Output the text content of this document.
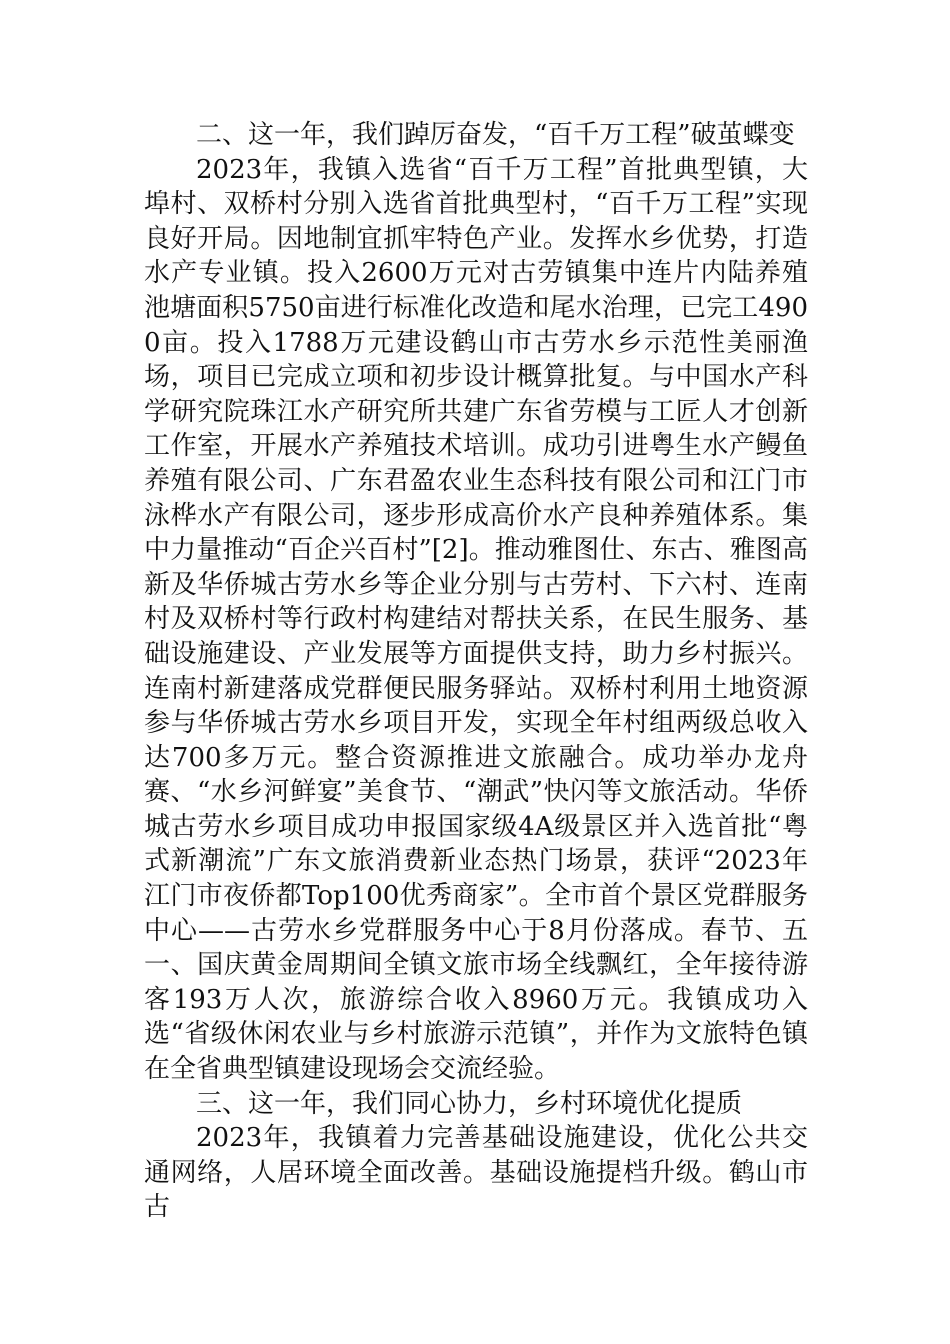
二、这一年，我们踔厉奋发，“百千万工程”破茧蝶变

2023年，我镇入选省“百千万工程”首批典型镇，大埠村、双桥村分别入选省首批典型村，“百千万工程”实现良好开局。因地制宜抓牢特色产业。发挥水乡优势，打造水产专业镇。投入2600万元对古劳镇集中连片内陆养殖池塘面积5750亩进行标准化改造和尾水治理，已完工4900亩。投入1788万元建设鹤山市古劳水乡示范性美丽渔场，项目已完成立项和初步设计概算批复。与中国水产科学研究院珠江水产研究所共建广东省劳模与工匠人才创新工作室，开展水产养殖技术培训。成功引进粤生水产鳗鱼养殖有限公司、广东君盈农业生态科技有限公司和江门市泳桦水产有限公司，逐步形成高价水产良种养殖体系。集中力量推动“百企兴百村”[2]。推动雅图仕、东古、雅图高新及华侨城古劳水乡等企业分别与古劳村、下六村、连南村及双桥村等行政村构建结对帮扶关系，在民生服务、基础设施建设、产业发展等方面提供支持，助力乡村振兴。连南村新建落成党群便民服务驿站。双桥村利用土地资源参与华侨城古劳水乡项目开发，实现全年村组两级总收入达700多万元。整合资源推进文旅融合。成功举办龙舟赛、“水乡河鲜宴”美食节、“潮武”快闪等文旅活动。华侨城古劳水乡项目成功申报国家级4A级景区并入选首批“粤式新潮流”广东文旅消费新业态热门场景，获评“2023年江门市夜侨都Top100优秀商家”。全市首个景区党群服务中心——古劳水乡党群服务中心于8月份落成。春节、五一、国庆黄金周期间全镇文旅市场全线飘红，全年接待游客193万人次，旅游综合收入8960万元。我镇成功入选“省级休闲农业与乡村旅游示范镇”，并作为文旅特色镇在全省典型镇建设现场会交流经验。

三、这一年，我们同心协力，乡村环境优化提质

2023年，我镇着力完善基础设施建设，优化公共交通网络，人居环境全面改善。基础设施提档升级。鹤山市古
